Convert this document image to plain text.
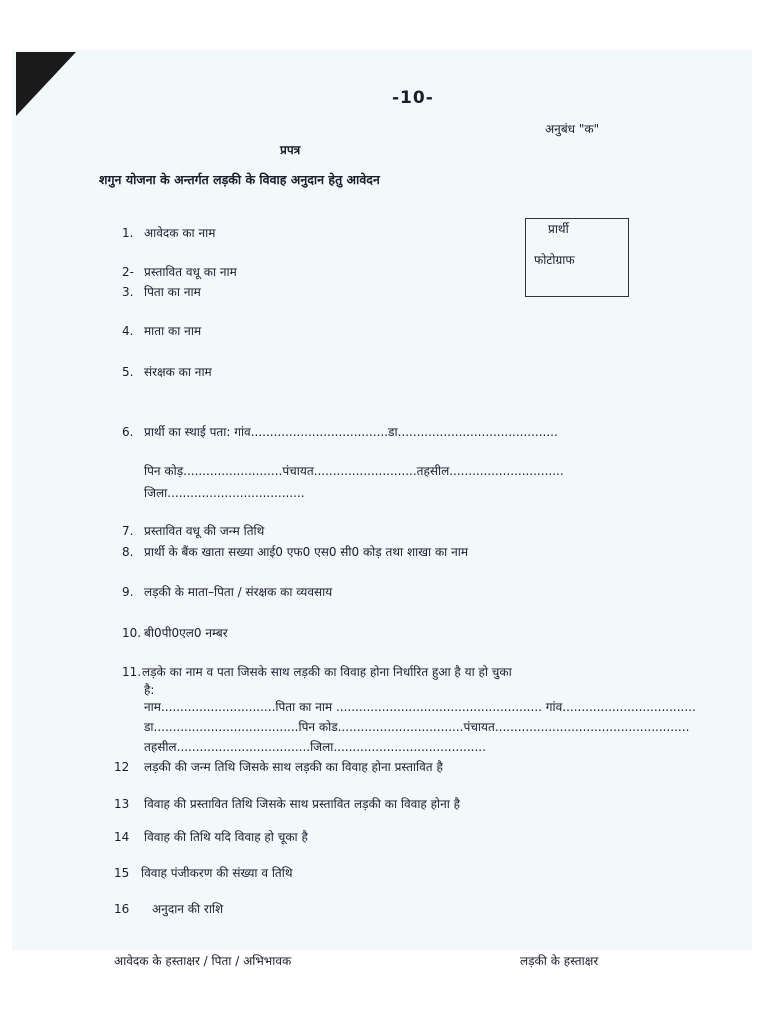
-10-
अनुबंध "क"
प्रपत्र
शगुन योजना के अन्तर्गत लड़की के विवाह अनुदान हेतु आवेदन
प्रार्थी
फोटोग्राफ
1. आवेदक का नाम
2- प्रस्तावित वधू का नाम
3. पिता का नाम
4. माता का नाम
5. संरक्षक का नाम
6. प्रार्थी का स्थाई पता: गांव....................................डा..........................................
पिन कोड़..........................पंचायत...........................तहसील..............................
जिला....................................
7. प्रस्तावित वधू की जन्म तिथि
8. प्रार्थी के बैंक खाता सख्या आई0 एफ0 एस0 सी0 कोड़ तथा शाखा का नाम
9. लड़की के माता–पिता / संरक्षक का व्यवसाय
10. बी0पी0एल0 नम्बर
11.लड़के का नाम व पता जिसके साथ लड़की का विवाह होना निर्धारित हुआ है या हो चुका
है:
नाम..............................पिता का नाम ...................................................... गांव...................................
डा......................................पिन कोड.................................पंचायत...................................................
तहसील...................................जिला........................................
12 लड़की की जन्म तिथि जिसके साथ लड़की का विवाह होना प्रस्तावित है
13 विवाह की प्रस्तावित तिथि जिसके साथ प्रस्तावित लड़की का विवाह होना है
14 विवाह की तिथि यदि विवाह हो चूका है
15 विवाह पंजीकरण की संख्या व तिथि
16 अनुदान की राशि
आवेदक के हस्ताक्षर / पिता / अभिभावक	लड़की के हस्ताक्षर
